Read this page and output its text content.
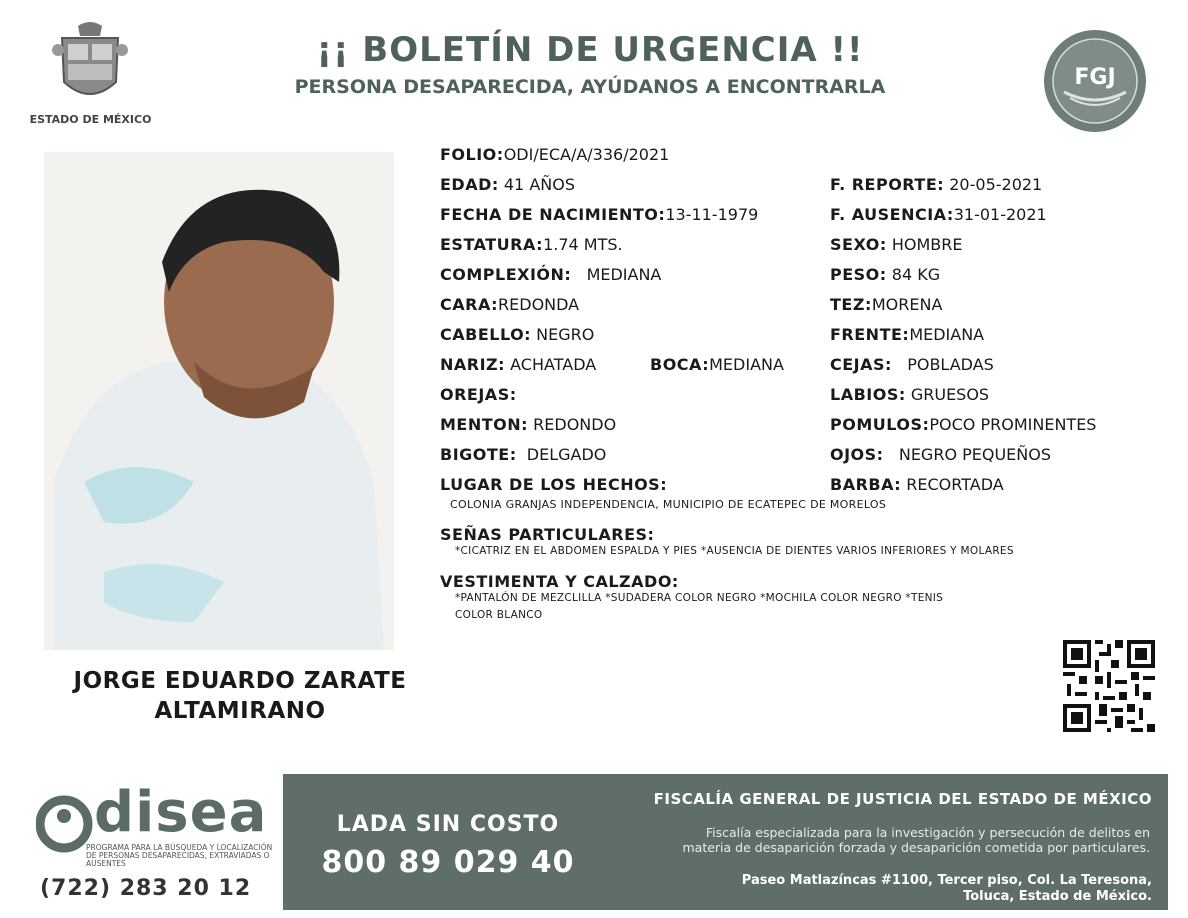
ESTADO DE MÉXICO
¡¡ BOLETÍN DE URGENCIA !!
PERSONA DESAPARECIDA, AYÚDANOS A ENCONTRARLA	FGJ
JORGE EDUARDO ZARATE
ALTAMIRANO
FOLIO:ODI/ECA/A/336/2021
EDAD: 41 AÑOS	F. REPORTE: 20-05-2021
FECHA DE NACIMIENTO:13-11-1979	F. AUSENCIA:31-01-2021
ESTATURA:1.74 MTS.	SEXO: HOMBRE
COMPLEXIÓN: MEDIANA	PESO: 84 KG
CARA:REDONDA	TEZ:MORENA
CABELLO: NEGRO	FRENTE:MEDIANA
NARIZ: ACHATADA	BOCA:MEDIANA	CEJAS: POBLADAS
OREJAS:	LABIOS: GRUESOS
MENTON: REDONDO	POMULOS:POCO PROMINENTES
BIGOTE: DELGADO	OJOS: NEGRO PEQUEÑOS
LUGAR DE LOS HECHOS:	BARBA: RECORTADA
COLONIA GRANJAS INDEPENDENCIA, MUNICIPIO DE ECATEPEC DE MORELOS
SEÑAS PARTICULARES:
*CICATRIZ EN EL ABDOMEN ESPALDA Y PIES *AUSENCIA DE DIENTES VARIOS INFERIORES Y MOLARES
VESTIMENTA Y CALZADO:
*PANTALÓN DE MEZCLILLA *SUDADERA COLOR NEGRO *MOCHILA COLOR NEGRO *TENIS
COLOR BLANCO
disea
PROGRAMA PARA LA BÚSQUEDA Y LOCALIZACIÓN
DE PERSONAS DESAPARECIDAS, EXTRAVIADAS O
AUSENTES
(722) 283 20 12
LADA SIN COSTO
800 89 029 40
FISCALÍA GENERAL DE JUSTICIA DEL ESTADO DE MÉXICO
Fiscalía especializada para la investigación y persecución de delitos en
materia de desaparición forzada y desaparición cometida por particulares.
Paseo Matlazíncas #1100, Tercer piso, Col. La Teresona,
Toluca, Estado de México.
